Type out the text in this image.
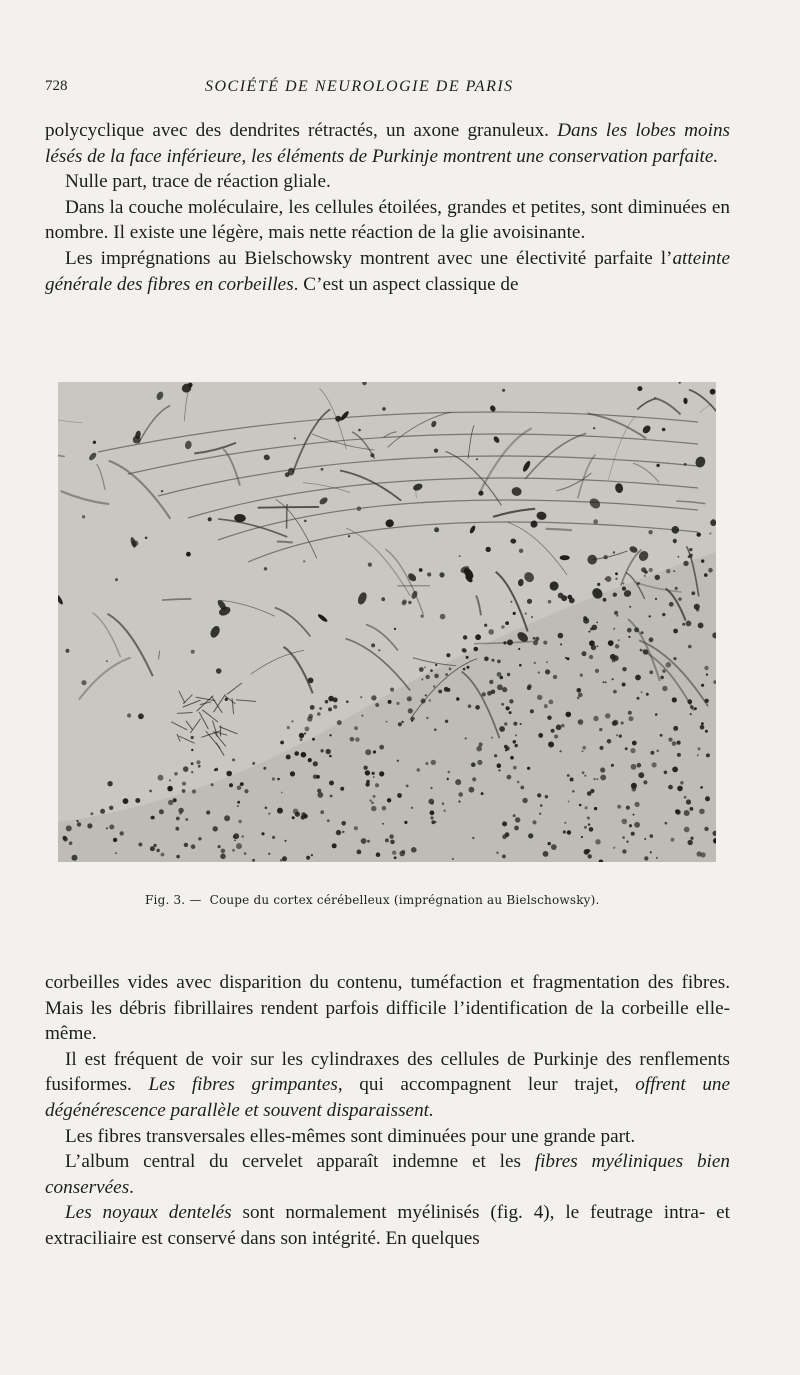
728	SOCIÉTÉ DE NEUROLOGIE DE PARIS

polycyclique avec des dendrites rétractés, un axone granuleux. Dans les lobes moins lésés de la face inférieure, les éléments de Purkinje montrent une conservation parfaite.

Nulle part, trace de réaction gliale.

Dans la couche moléculaire, les cellules étoilées, grandes et petites, sont diminuées en nombre. Il existe une légère, mais nette réaction de la glie avoisinante.

Les imprégnations au Bielschowsky montrent avec une électivité parfaite l’atteinte générale des fibres en corbeilles. C’est un aspect classique de

Fig. 3. — Coupe du cortex cérébelleux (imprégnation au Bielschowsky).

corbeilles vides avec disparition du contenu, tuméfaction et fragmentation des fibres. Mais les débris fibrillaires rendent parfois difficile l’identification de la corbeille elle-même.

Il est fréquent de voir sur les cylindraxes des cellules de Purkinje des renflements fusiformes. Les fibres grimpantes, qui accompagnent leur trajet, offrent une dégénérescence parallèle et souvent disparaissent.

Les fibres transversales elles-mêmes sont diminuées pour une grande part.

L’album central du cervelet apparaît indemne et les fibres myéliniques bien conservées.

Les noyaux dentelés sont normalement myélinisés (fig. 4), le feutrage intra- et extraciliaire est conservé dans son intégrité. En quelques
